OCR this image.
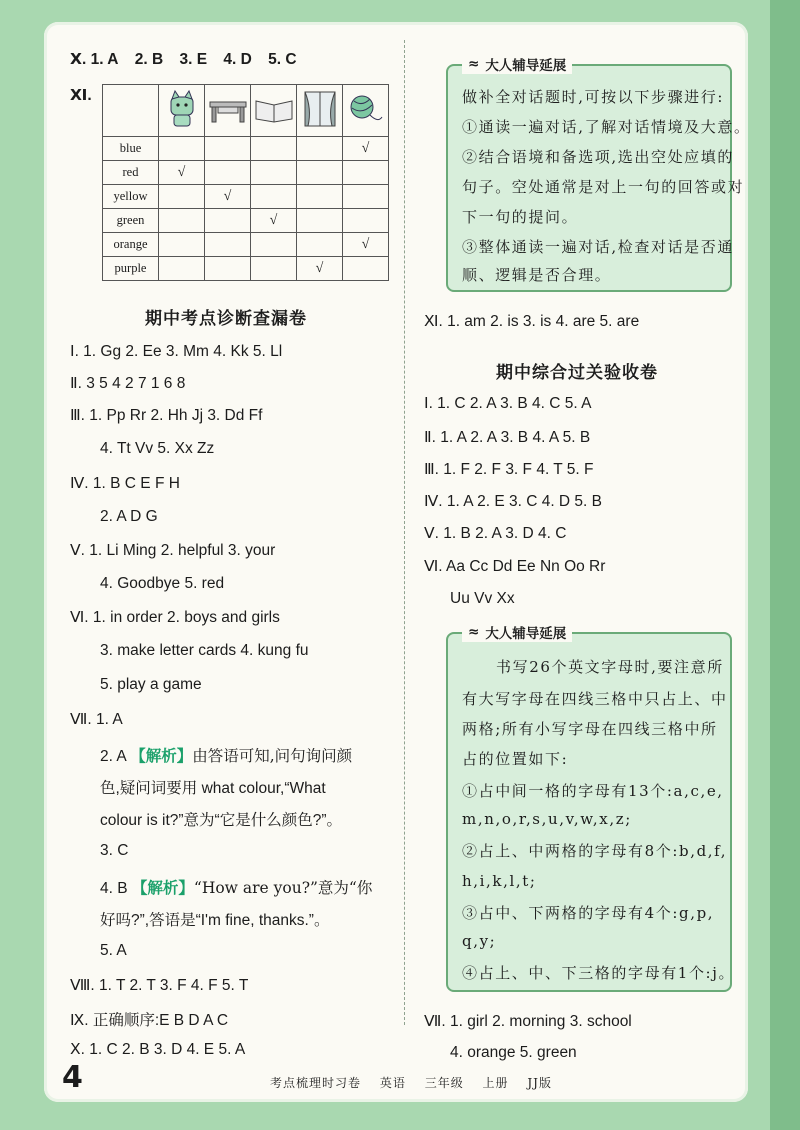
Ⅹ. 1. A 2. B 3. E 4. D 5. C
Ⅺ.

blue					√
red	√				
yellow		√			
green			√		
orange					√
purple				√	
期中考点诊断查漏卷
Ⅰ. 1. Gg 2. Ee 3. Mm 4. Kk 5. Ll
Ⅱ. 3 5 4 2 7 1 6 8
Ⅲ. 1. Pp Rr 2. Hh Jj 3. Dd Ff
4. Tt Vv 5. Xx Zz
Ⅳ. 1. B C E F H
2. A D G
Ⅴ. 1. Li Ming 2. helpful 3. your
4. Goodbye 5. red
Ⅵ. 1. in order 2. boys and girls
3. make letter cards 4. kung fu
5. play a game
Ⅶ. 1. A
2. A 【解析】由答语可知,问句询问颜
色,疑问词要用 what colour,“What
colour is it?”意为“它是什么颜色?”。
3. C
4. B 【解析】“How are you?”意为“你
好吗?”,答语是“I'm fine, thanks.”。
5. A
Ⅷ. 1. T 2. T 3. F 4. F 5. T
Ⅸ. 正确顺序:E B D A C
Ⅹ. 1. C 2. B 3. D 4. E 5. A
≈ 大人辅导延展
做补全对话题时,可按以下步骤进行:
①通读一遍对话,了解对话情境及大意。
②结合语境和备选项,选出空处应填的
句子。空处通常是对上一句的回答或对
下一句的提问。
③整体通读一遍对话,检查对话是否通
顺、逻辑是否合理。
Ⅺ. 1. am 2. is 3. is 4. are 5. are
期中综合过关验收卷
Ⅰ. 1. C 2. A 3. B 4. C 5. A
Ⅱ. 1. A 2. A 3. B 4. A 5. B
Ⅲ. 1. F 2. F 3. F 4. T 5. F
Ⅳ. 1. A 2. E 3. C 4. D 5. B
Ⅴ. 1. B 2. A 3. D 4. C
Ⅵ. Aa Cc Dd Ee Nn Oo Rr
Uu Vv Xx
≈ 大人辅导延展
书写26个英文字母时,要注意所
有大写字母在四线三格中只占上、中
两格;所有小写字母在四线三格中所
占的位置如下:
①占中间一格的字母有13个:a,c,e,
m,n,o,r,s,u,v,w,x,z;
②占上、中两格的字母有8个:b,d,f,
h,i,k,l,t;
③占中、下两格的字母有4个:g,p,
q,y;
④占上、中、下三格的字母有1个:j。
Ⅶ. 1. girl 2. morning 3. school
4. orange 5. green
4	考点梳理时习卷 英语 三年级 上册 JJ版
